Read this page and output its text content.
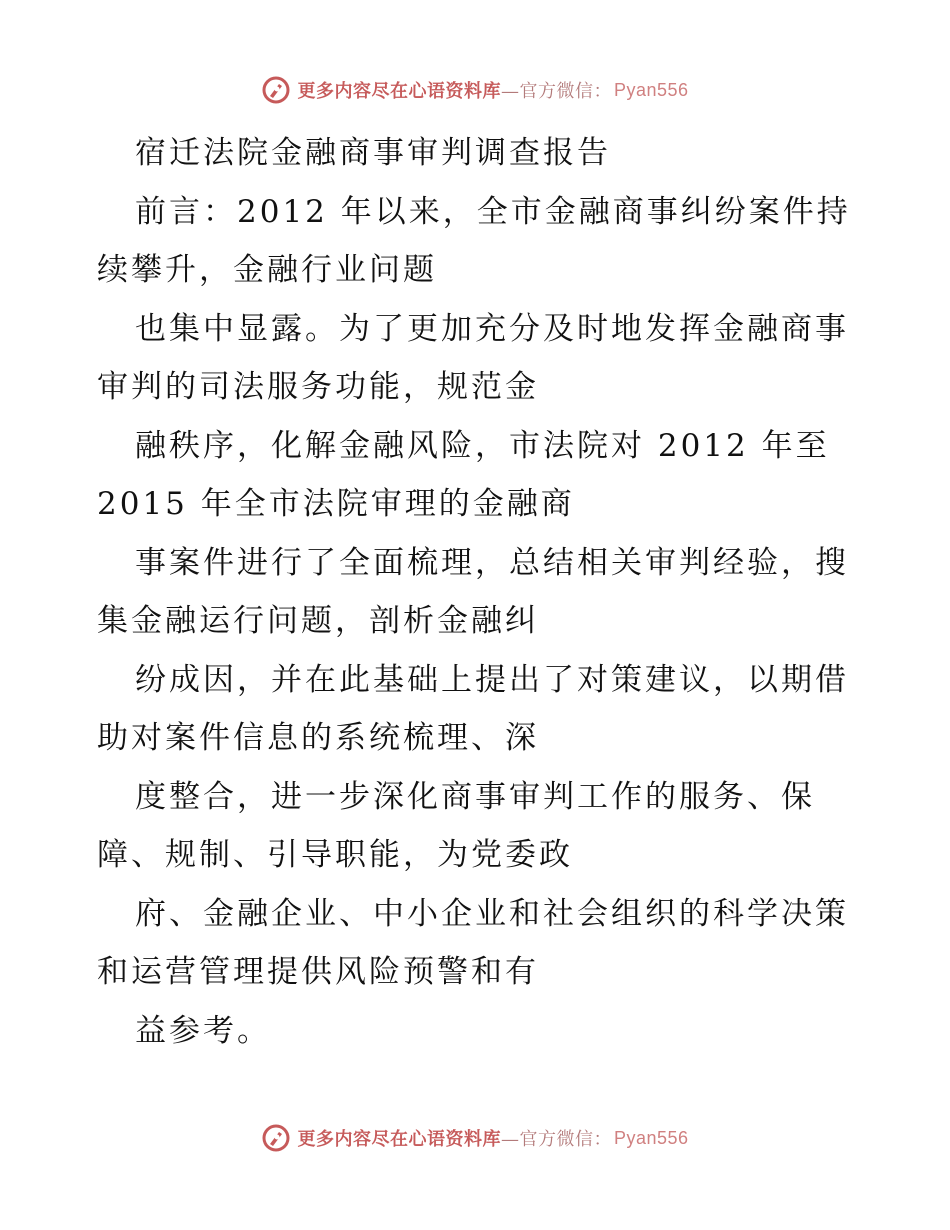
更多内容尽在心语资料库 —官方微信： Pyan556
宿迁法院金融商事审判调查报告
前言：2012 年以来，全市金融商事纠纷案件持
续攀升，金融行业问题
也集中显露。为了更加充分及时地发挥金融商事
审判的司法服务功能，规范金
融秩序，化解金融风险，市法院对 2012 年至
2015 年全市法院审理的金融商
事案件进行了全面梳理，总结相关审判经验，搜
集金融运行问题，剖析金融纠
纷成因，并在此基础上提出了对策建议，以期借
助对案件信息的系统梳理、深
度整合，进一步深化商事审判工作的服务、保
障、规制、引导职能，为党委政
府、金融企业、中小企业和社会组织的科学决策
和运营管理提供风险预警和有
益参考。
更多内容尽在心语资料库 —官方微信： Pyan556
